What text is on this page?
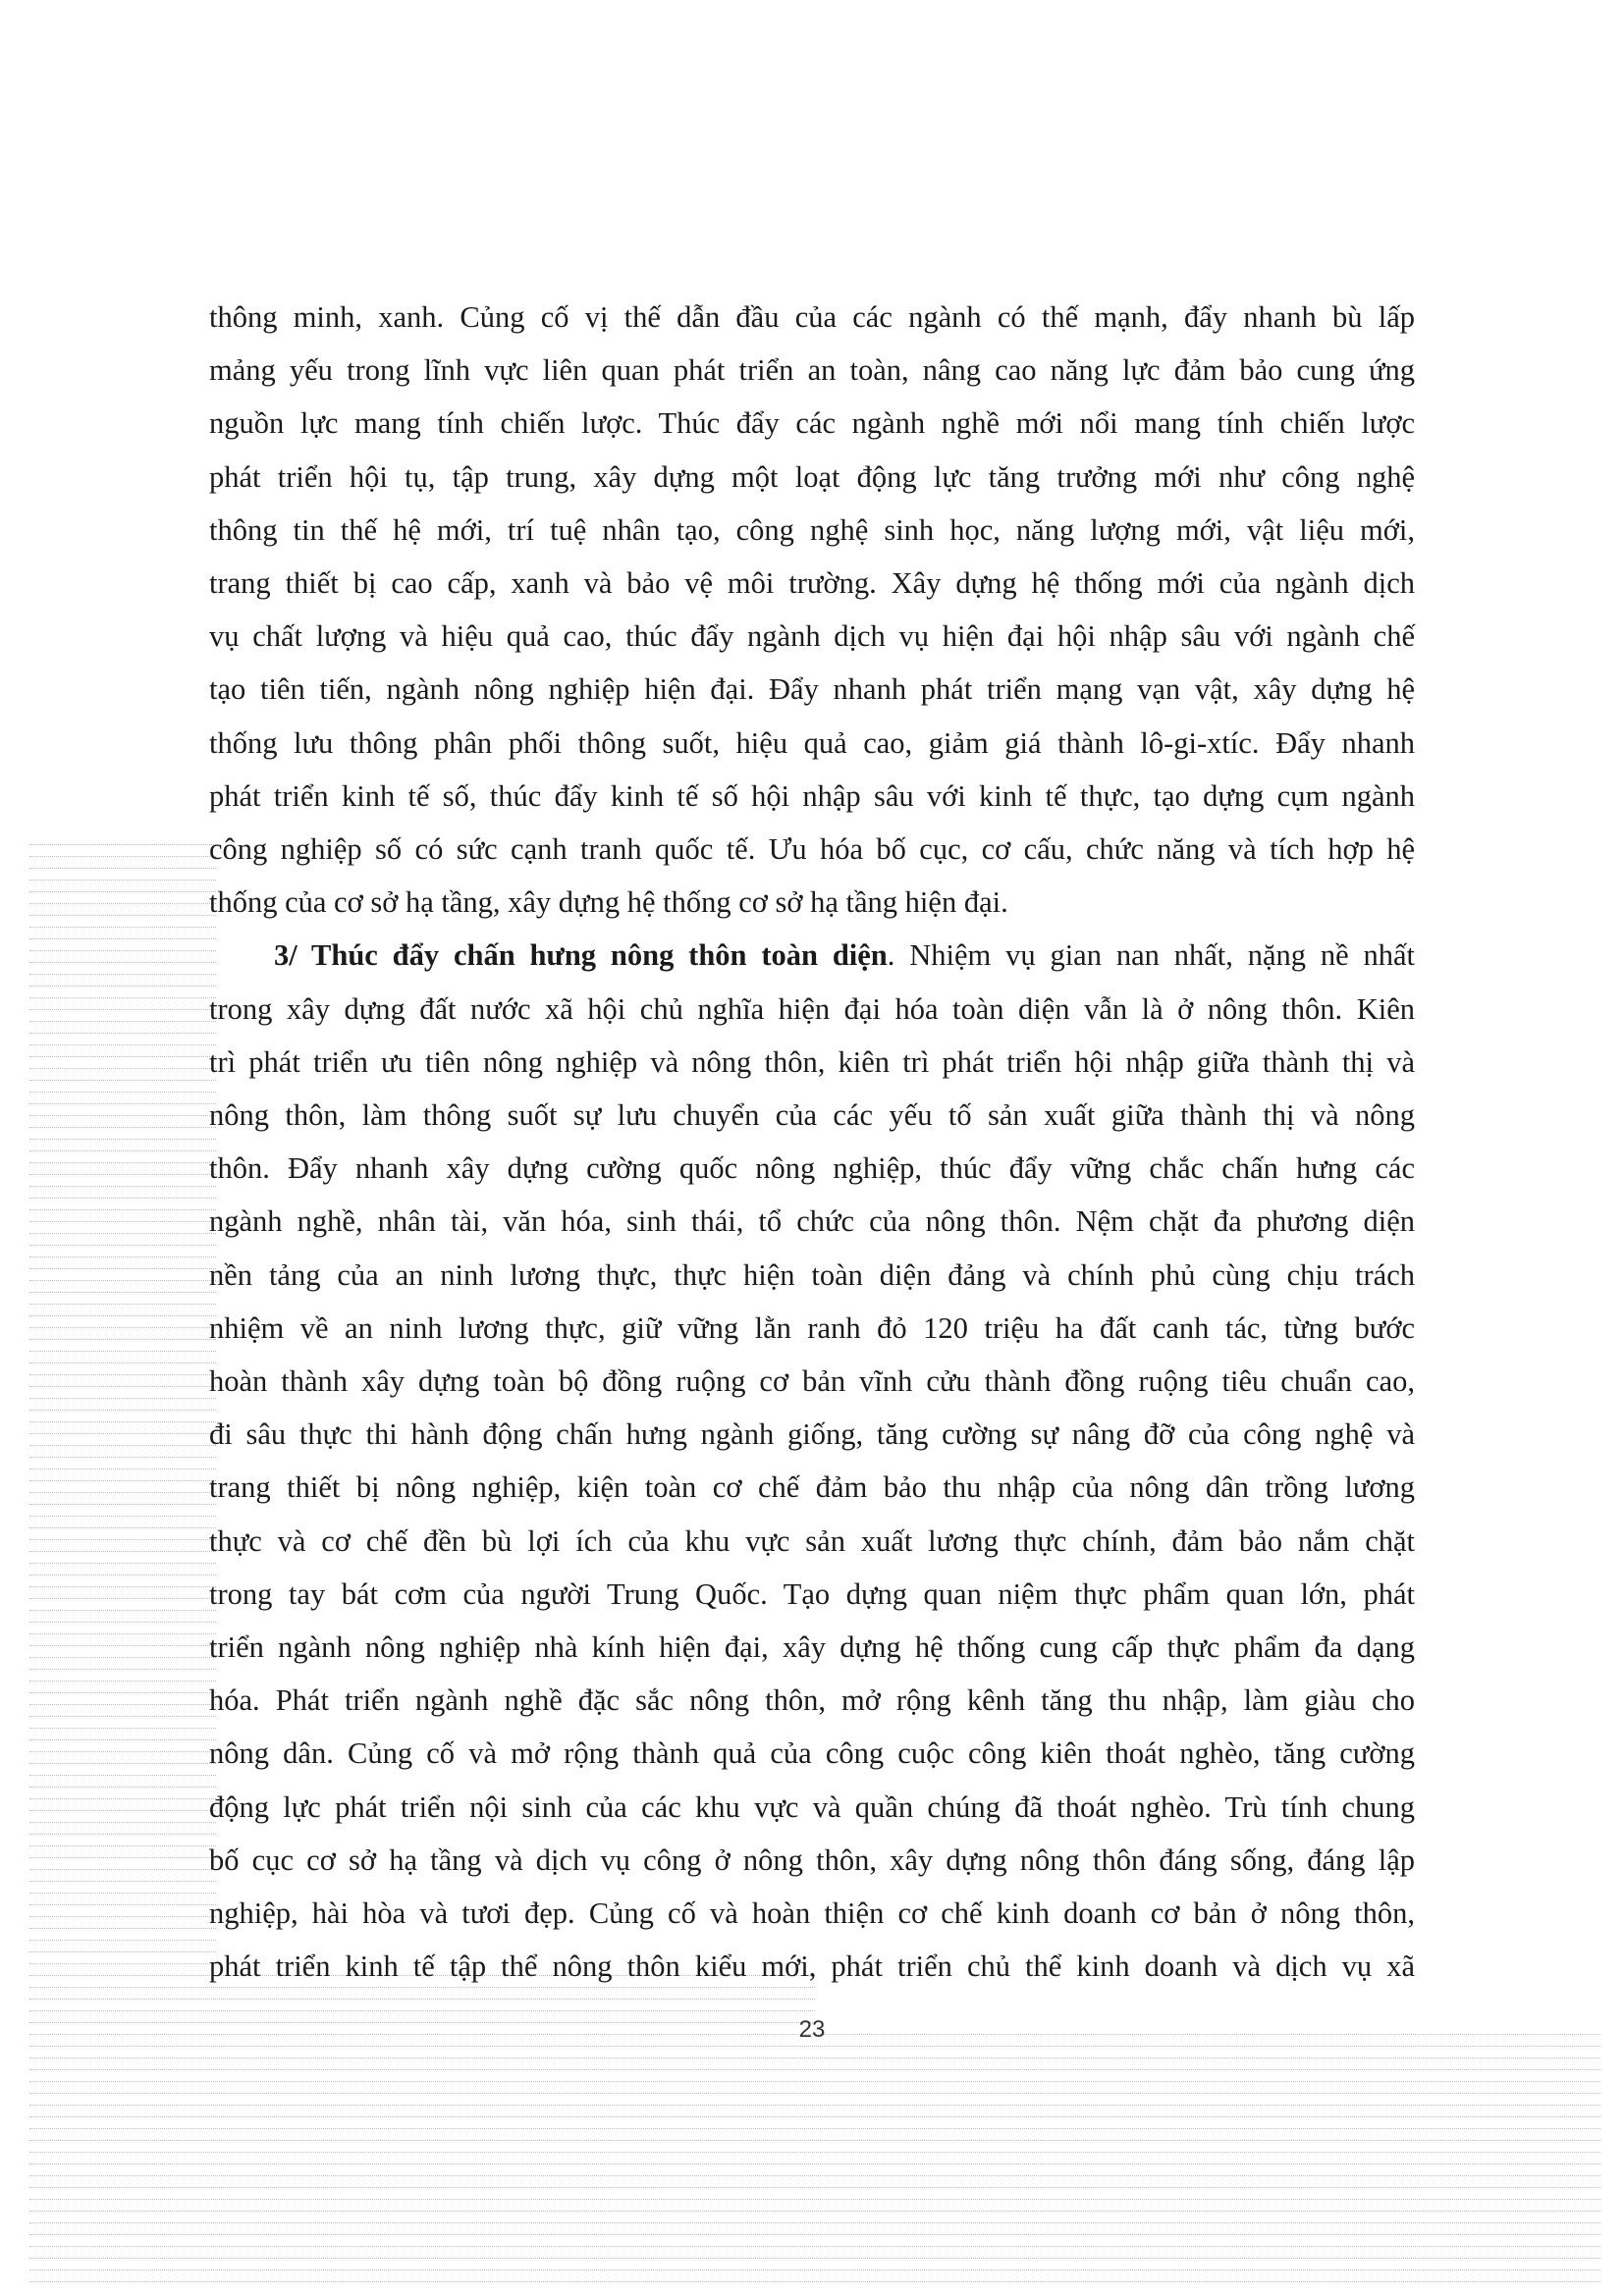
thông minh, xanh. Củng cố vị thế dẫn đầu của các ngành có thế mạnh, đẩy nhanh bù lấp
mảng yếu trong lĩnh vực liên quan phát triển an toàn, nâng cao năng lực đảm bảo cung ứng
nguồn lực mang tính chiến lược. Thúc đẩy các ngành nghề mới nổi mang tính chiến lược
phát triển hội tụ, tập trung, xây dựng một loạt động lực tăng trưởng mới như công nghệ
thông tin thế hệ mới, trí tuệ nhân tạo, công nghệ sinh học, năng lượng mới, vật liệu mới,
trang thiết bị cao cấp, xanh và bảo vệ môi trường. Xây dựng hệ thống mới của ngành dịch
vụ chất lượng và hiệu quả cao, thúc đẩy ngành dịch vụ hiện đại hội nhập sâu với ngành chế
tạo tiên tiến, ngành nông nghiệp hiện đại. Đẩy nhanh phát triển mạng vạn vật, xây dựng hệ
thống lưu thông phân phối thông suốt, hiệu quả cao, giảm giá thành lô-gi-xtíc. Đẩy nhanh
phát triển kinh tế số, thúc đẩy kinh tế số hội nhập sâu với kinh tế thực, tạo dựng cụm ngành
công nghiệp số có sức cạnh tranh quốc tế. Ưu hóa bố cục, cơ cấu, chức năng và tích hợp hệ
thống của cơ sở hạ tầng, xây dựng hệ thống cơ sở hạ tầng hiện đại.
3/ Thúc đẩy chấn hưng nông thôn toàn diện. Nhiệm vụ gian nan nhất, nặng nề nhất
trong xây dựng đất nước xã hội chủ nghĩa hiện đại hóa toàn diện vẫn là ở nông thôn. Kiên
trì phát triển ưu tiên nông nghiệp và nông thôn, kiên trì phát triển hội nhập giữa thành thị và
nông thôn, làm thông suốt sự lưu chuyển của các yếu tố sản xuất giữa thành thị và nông
thôn. Đẩy nhanh xây dựng cường quốc nông nghiệp, thúc đẩy vững chắc chấn hưng các
ngành nghề, nhân tài, văn hóa, sinh thái, tổ chức của nông thôn. Nệm chặt đa phương diện
nền tảng của an ninh lương thực, thực hiện toàn diện đảng và chính phủ cùng chịu trách
nhiệm về an ninh lương thực, giữ vững lằn ranh đỏ 120 triệu ha đất canh tác, từng bước
hoàn thành xây dựng toàn bộ đồng ruộng cơ bản vĩnh cửu thành đồng ruộng tiêu chuẩn cao,
đi sâu thực thi hành động chấn hưng ngành giống, tăng cường sự nâng đỡ của công nghệ và
trang thiết bị nông nghiệp, kiện toàn cơ chế đảm bảo thu nhập của nông dân trồng lương
thực và cơ chế đền bù lợi ích của khu vực sản xuất lương thực chính, đảm bảo nắm chặt
trong tay bát cơm của người Trung Quốc. Tạo dựng quan niệm thực phẩm quan lớn, phát
triển ngành nông nghiệp nhà kính hiện đại, xây dựng hệ thống cung cấp thực phẩm đa dạng
hóa. Phát triển ngành nghề đặc sắc nông thôn, mở rộng kênh tăng thu nhập, làm giàu cho
nông dân. Củng cố và mở rộng thành quả của công cuộc công kiên thoát nghèo, tăng cường
động lực phát triển nội sinh của các khu vực và quần chúng đã thoát nghèo. Trù tính chung
bố cục cơ sở hạ tầng và dịch vụ công ở nông thôn, xây dựng nông thôn đáng sống, đáng lập
nghiệp, hài hòa và tươi đẹp. Củng cố và hoàn thiện cơ chế kinh doanh cơ bản ở nông thôn,
phát triển kinh tế tập thể nông thôn kiểu mới, phát triển chủ thể kinh doanh và dịch vụ xã
23
